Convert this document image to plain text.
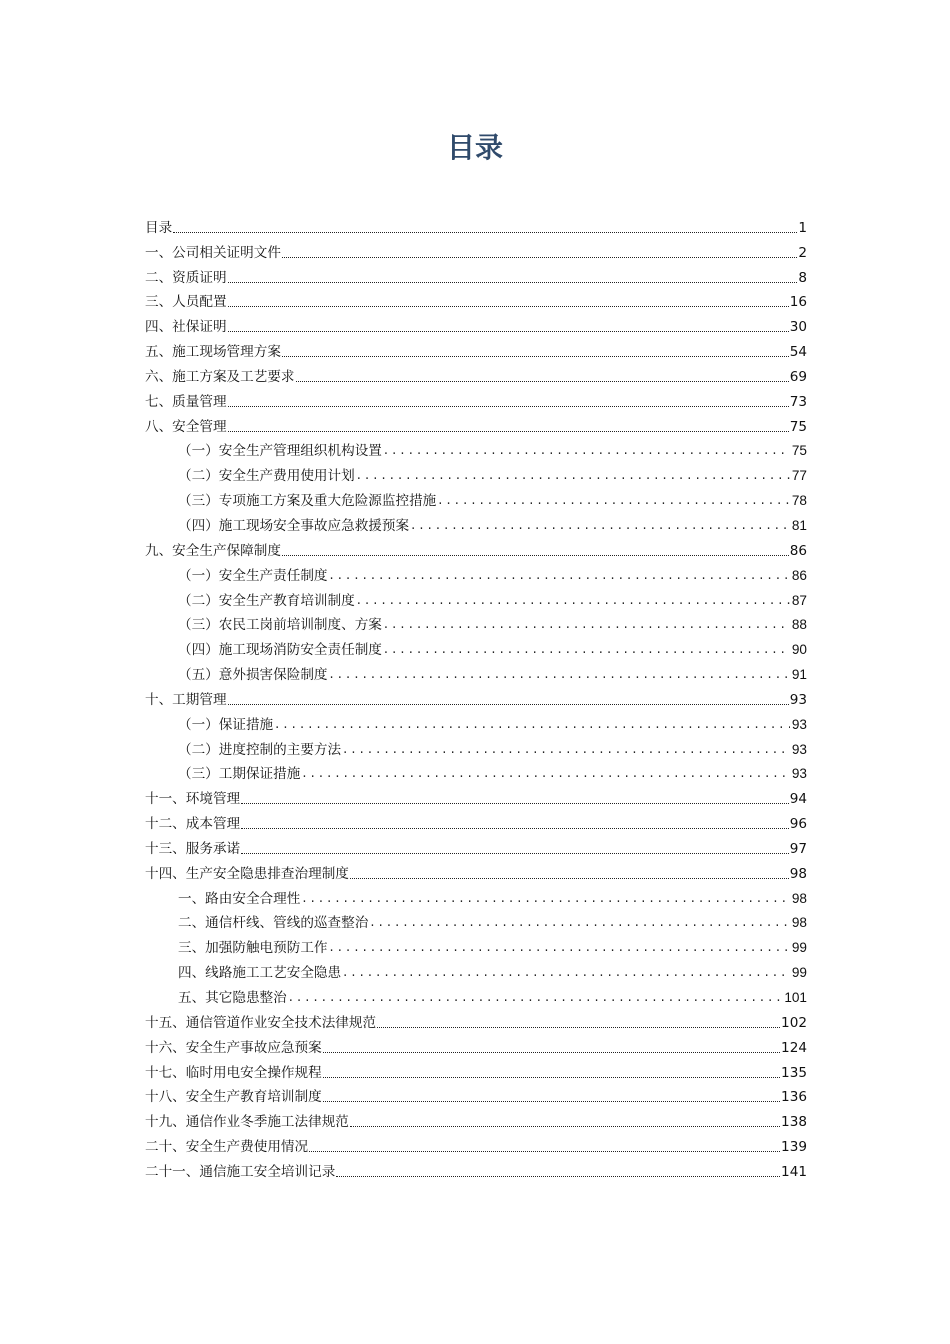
目录
目录	1
一、公司相关证明文件	2
二、资质证明	8
三、人员配置	16
四、社保证明	30
五、施工现场管理方案	54
六、施工方案及工艺要求	69
七、质量管理	73
八、安全管理	75
（一）安全生产管理组织机构设置 . . .	75
（二）安全生产费用使用计划 . . .	77
（三）专项施工方案及重大危险源监控措施 . . .	78
（四）施工现场安全事故应急救援预案 . . .	81
九、安全生产保障制度	86
（一）安全生产责任制度 . . .	86
（二）安全生产教育培训制度 . . .	87
（三）农民工岗前培训制度、方案 . . .	88
（四）施工现场消防安全责任制度 . . .	90
（五）意外损害保险制度 . . .	91
十、工期管理	93
（一）保证措施 . . .	93
（二）进度控制的主要方法 . . .	93
（三）工期保证措施 . . .	93
十一、环境管理	94
十二、成本管理	96
十三、服务承诺	97
十四、生产安全隐患排查治理制度	98
一、路由安全合理性 . . .	98
二、通信杆线、管线的巡查整治 . . .	98
三、加强防触电预防工作 . . .	99
四、线路施工工艺安全隐患 . . .	99
五、其它隐患整治 . . .	101
十五、通信管道作业安全技术法律规范	102
十六、安全生产事故应急预案	124
十七、临时用电安全操作规程	135
十八、安全生产教育培训制度	136
十九、通信作业冬季施工法律规范	138
二十、安全生产费使用情况	139
二十一、通信施工安全培训记录	141
